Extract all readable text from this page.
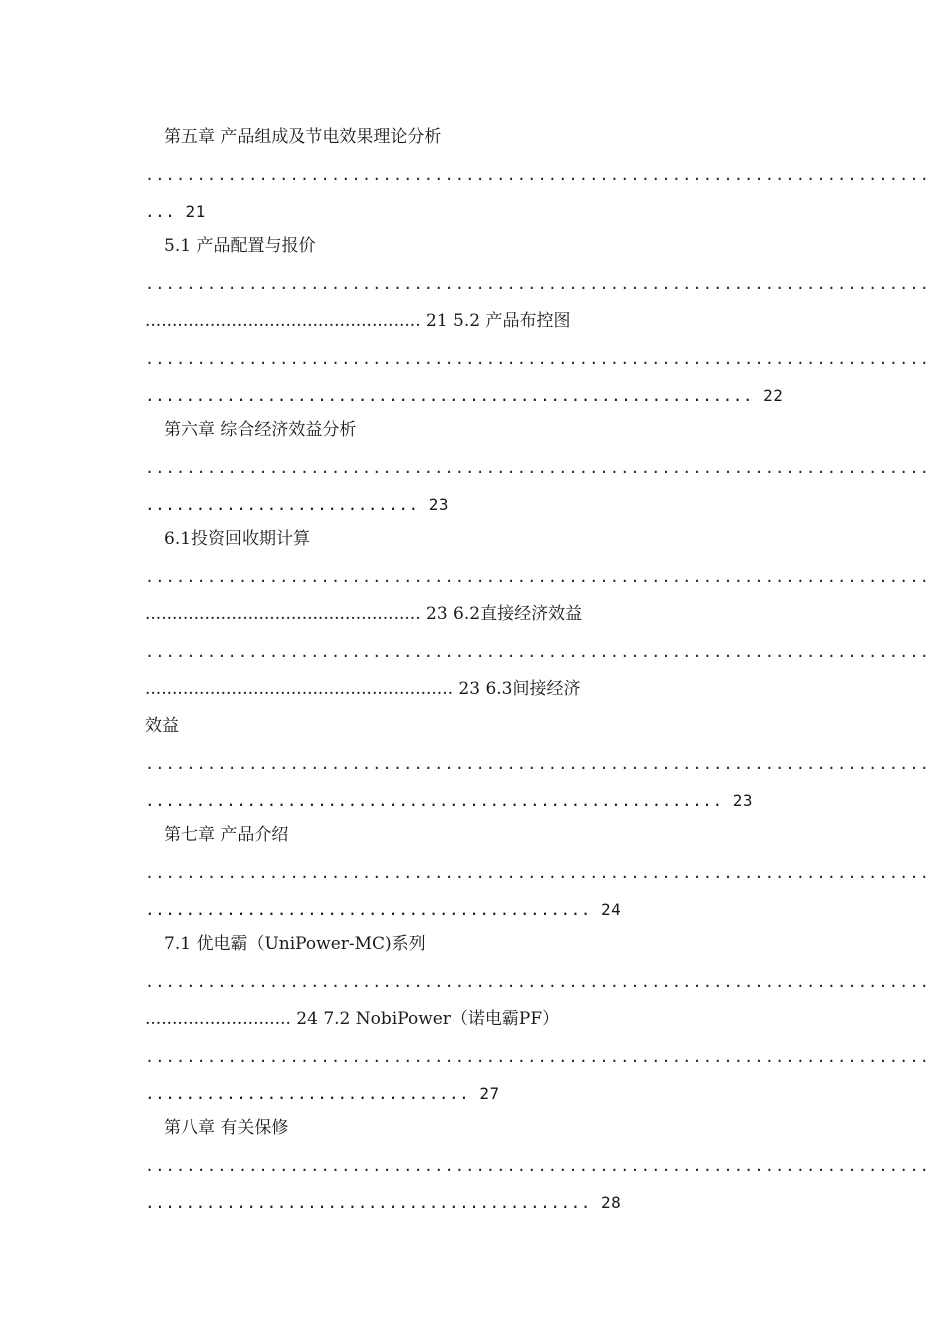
第五章 产品组成及节电效果理论分析
............................................................................
... 21
5.1 产品配置与报价
............................................................................
................................................... 21 5.2 产品布控图
............................................................................
............................................................ 22
第六章 综合经济效益分析
............................................................................
........................... 23
6.1投资回收期计算
............................................................................
................................................... 23 6.2直接经济效益
............................................................................
......................................................... 23 6.3间接经济
效益
............................................................................
......................................................... 23
第七章 产品介绍
............................................................................
............................................ 24
7.1 优电霸（UniPower-MC)系列
............................................................................
........................... 24 7.2 NobiPower（诺电霸PF）
............................................................................
................................ 27
第八章 有关保修
............................................................................
............................................ 28
